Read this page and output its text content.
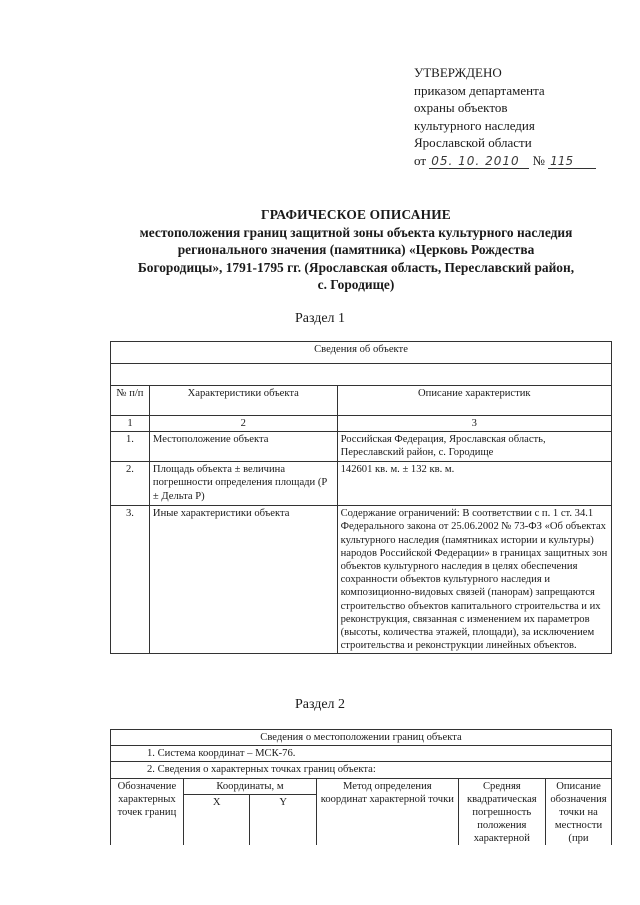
УТВЕРЖДЕНО
приказом департамента
охраны объектов
культурного наследия
Ярославской области
от 05. 10. 2010 № 115
ГРАФИЧЕСКОЕ ОПИСАНИЕ
местоположения границ защитной зоны объекта культурного наследия
регионального значения (памятника) «Церковь Рождества
Богородицы», 1791-1795 гг. (Ярославская область, Переславский район,
с. Городище)
Раздел 1
Сведения об объекте		

№ п/п	Характеристики объекта	Описание характеристик
1	2	3
1.	Местоположение объекта	Российская Федерация, Ярославская область, Переславский район, с. Городище
2.	Площадь объекта ± величина погрешности определения площади (Р ± Дельта Р)	142601 кв. м. ± 132 кв. м.
3.	Иные характеристики объекта	Содержание ограничений: В соответствии с п. 1 ст. 34.1 Федерального закона от 25.06.2002 № 73-ФЗ «Об объектах культурного наследия (памятниках истории и культуры) народов Российской Федерации» в границах защитных зон объектов культурного наследия в целях обеспечения сохранности объектов культурного наследия и композиционно-видовых связей (панорам) запрещаются строительство объектов капитального строительства и их реконструкция, связанная с изменением их параметров (высоты, количества этажей, площади), за исключением строительства и реконструкции линейных объектов.
Раздел 2
Сведения о местоположении границ объекта					
1. Система координат – МСК-76.					
2. Сведения о характерных точках границ объекта:					
Обозначение характерных точек границ	Координаты, м		Метод определения координат характерной точки	Средняя квадратическая погрешность положения характерной	Описание обозначения точки на местности (при
	X	Y			
